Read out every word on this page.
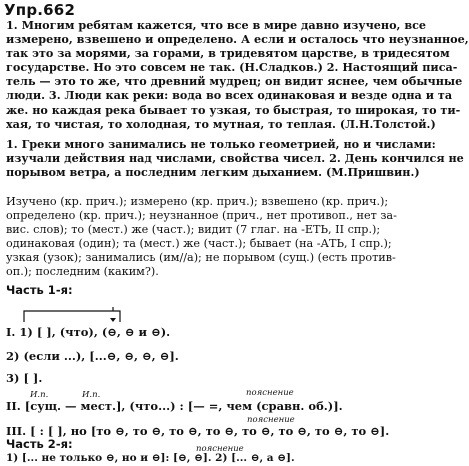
Упр.662
1. Многим ребятам кажется, что все в мире давно изучено, все
измерено, взвешено и определено. А если и осталось что неузнанное,
так это за морями, за горами, в тридевятом царстве, в тридесятом
государстве. Но это совсем не так. (Н.Сладков.) 2. Настоящий писа-
тель — это то же, что древний мудрец; он видит яснее, чем обычные
люди. 3. Люди как реки: вода во всех одинаковая и везде одна и та
же. но каждая река бывает то узкая, то быстрая, то широкая, то ти-
хая, то чистая, то холодная, то мутная, то теплая. (Л.Н.Толстой.)
1. Греки много занимались не только геометрией, но и числами:
изучали действия над числами, свойства чисел. 2. День кончился не
порывом ветра, а последним легким дыханием. (М.Пришвин.)
Изучено (кр. прич.); измерено (кр. прич.); взвешено (кр. прич.);
определено (кр. прич.); неузнанное (прич., нет противоп., нет за-
вис. слов); то (мест.) же (част.); видит (7 глаг. на -ЕТЬ, II спр.);
одинаковая (один); та (мест.) же (част.); бывает (на -АТЬ, I спр.);
узкая (узок); занимались (им//а); не порывом (сущ.) (есть против-
оп.); последним (каким?).
Часть 1-я:
I. 1) [ ], (что), (⊖, ⊖ и ⊖).
2) (если ...), [...⊖, ⊖, ⊖, ⊖].
3) [ ].
И.п.	И.п.	пояснение
II. [сущ. — мест.], (что...) : [— =, чем (сравн. об.)].
пояснение
III. [ : [ ], но [то ⊖, то ⊖, то ⊖, то ⊖, то ⊖, то ⊖, то ⊖, то ⊖].
Часть 2-я:	пояснение
1) [... не только ⊖, но и ⊖]: [⊖, ⊖]. 2) [... ⊖, а ⊖].
